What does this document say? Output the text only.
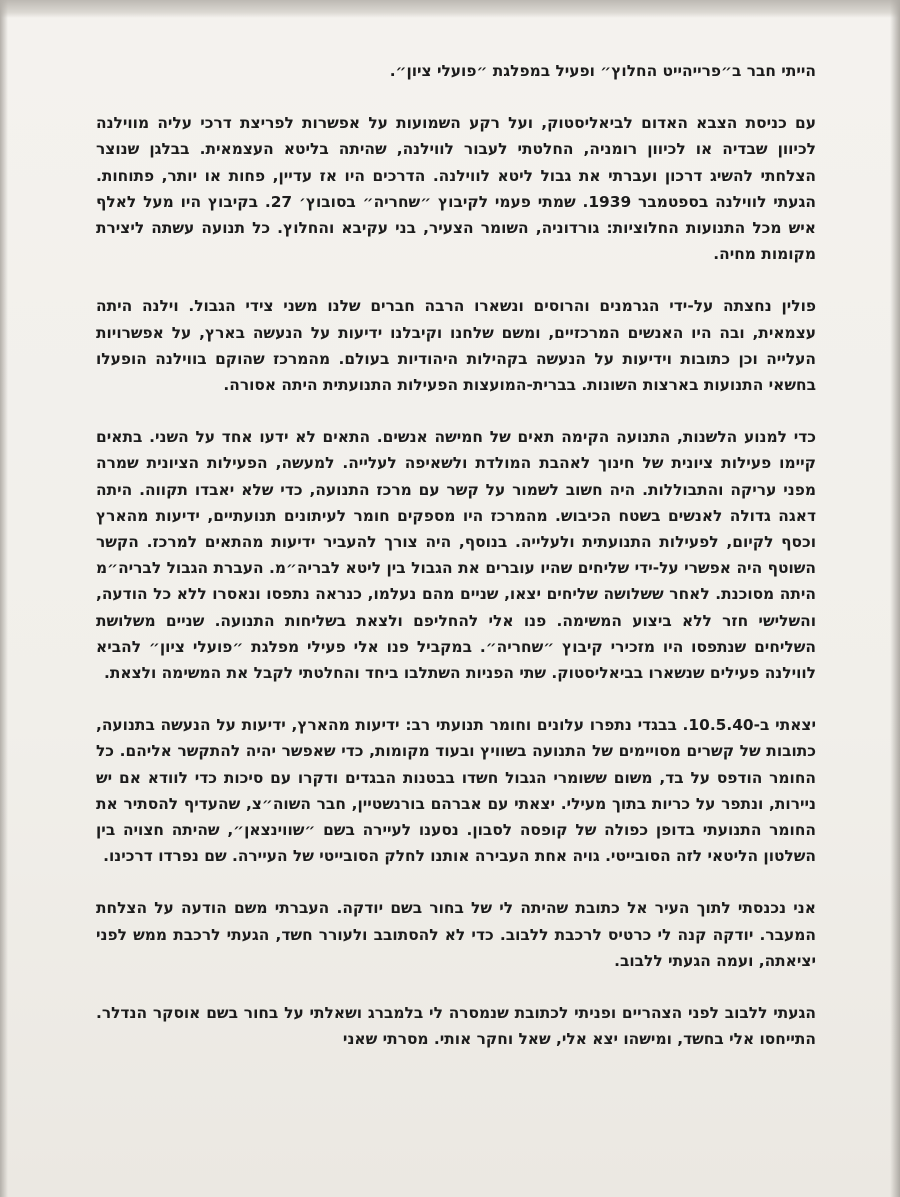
הייתי חבר ב״פרייהייט החלוץ״ ופעיל במפלגת ״פועלי ציון״.

עם כניסת הצבא האדום לביאליסטוק, ועל רקע השמועות על אפשרות לפריצת דרכי עליה מווילנה לכיוון שבדיה או לכיוון רומניה, החלטתי לעבור לווילנה, שהיתה בליטא העצמאית. בבלגן שנוצר הצלחתי להשיג דרכון ועברתי את גבול ליטא לווילנה. הדרכים היו אז עדיין, פחות או יותר, פתוחות. הגעתי לווילנה בספטמבר 1939. שמתי פעמי לקיבוץ ״שחריה״ בסובוץ׳ 27. בקיבוץ היו מעל לאלף איש מכל התנועות החלוציות: גורדוניה, השומר הצעיר, בני עקיבא והחלוץ. כל תנועה עשתה ליצירת מקומות מחיה.

פולין נחצתה על-ידי הגרמנים והרוסים ונשארו הרבה חברים שלנו משני צידי הגבול. וילנה היתה עצמאית, ובה היו האנשים המרכזיים, ומשם שלחנו וקיבלנו ידיעות על הנעשה בארץ, על אפשרויות העלייה וכן כתובות וידיעות על הנעשה בקהילות היהודיות בעולם. מהמרכז שהוקם בווילנה הופעלו בחשאי התנועות בארצות השונות. בברית-המועצות הפעילות התנועתית היתה אסורה.

כדי למנוע הלשנות, התנועה הקימה תאים של חמישה אנשים. התאים לא ידעו אחד על השני. בתאים קיימו פעילות ציונית של חינוך לאהבת המולדת ולשאיפה לעלייה. למעשה, הפעילות הציונית שמרה מפני עריקה והתבוללות. היה חשוב לשמור על קשר עם מרכז התנועה, כדי שלא יאבדו תקווה. היתה דאגה גדולה לאנשים בשטח הכיבוש. מהמרכז היו מספקים חומר לעיתונים תנועתיים, ידיעות מהארץ וכסף לקיום, לפעילות התנועתית ולעלייה. בנוסף, היה צורך להעביר ידיעות מהתאים למרכז. הקשר השוטף היה אפשרי על-ידי שליחים שהיו עוברים את הגבול בין ליטא לבריה״מ. העברת הגבול לבריה״מ היתה מסוכנת. לאחר ששלושה שליחים יצאו, שניים מהם נעלמו, כנראה נתפסו ונאסרו ללא כל הודעה, והשלישי חזר ללא ביצוע המשימה. פנו אלי להחליפם ולצאת בשליחות התנועה. שניים משלושת השליחים שנתפסו היו מזכירי קיבוץ ״שחריה״. במקביל פנו אלי פעילי מפלגת ״פועלי ציון״ להביא לווילנה פעילים שנשארו בביאליסטוק. שתי הפניות השתלבו ביחד והחלטתי לקבל את המשימה ולצאת.

יצאתי ב-10.5.40. בבגדי נתפרו עלונים וחומר תנועתי רב: ידיעות מהארץ, ידיעות על הנעשה בתנועה, כתובות של קשרים מסויימים של התנועה בשוויץ ובעוד מקומות, כדי שאפשר יהיה להתקשר אליהם. כל החומר הודפס על בד, משום ששומרי הגבול חשדו בבטנות הבגדים ודקרו עם סיכות כדי לוודא אם יש ניירות, ונתפר על כריות בתוך מעילי. יצאתי עם אברהם בורנשטיין, חבר השוה״צ, שהעדיף להסתיר את החומר התנועתי בדופן כפולה של קופסה לסבון. נסענו לעיירה בשם ״שווינצאן״, שהיתה חצויה בין השלטון הליטאי לזה הסובייטי. גויה אחת העבירה אותנו לחלק הסובייטי של העיירה. שם נפרדו דרכינו.

אני נכנסתי לתוך העיר אל כתובת שהיתה לי של בחור בשם יודקה. העברתי משם הודעה על הצלחת המעבר. יודקה קנה לי כרטיס לרכבת ללבוב. כדי לא להסתובב ולעורר חשד, הגעתי לרכבת ממש לפני יציאתה, ועמה הגעתי ללבוב.

הגעתי ללבוב לפני הצהריים ופניתי לכתובת שנמסרה לי בלמברג ושאלתי על בחור בשם אוסקר הנדלר. התייחסו אלי בחשד, ומישהו יצא אלי, שאל וחקר אותי. מסרתי שאני
